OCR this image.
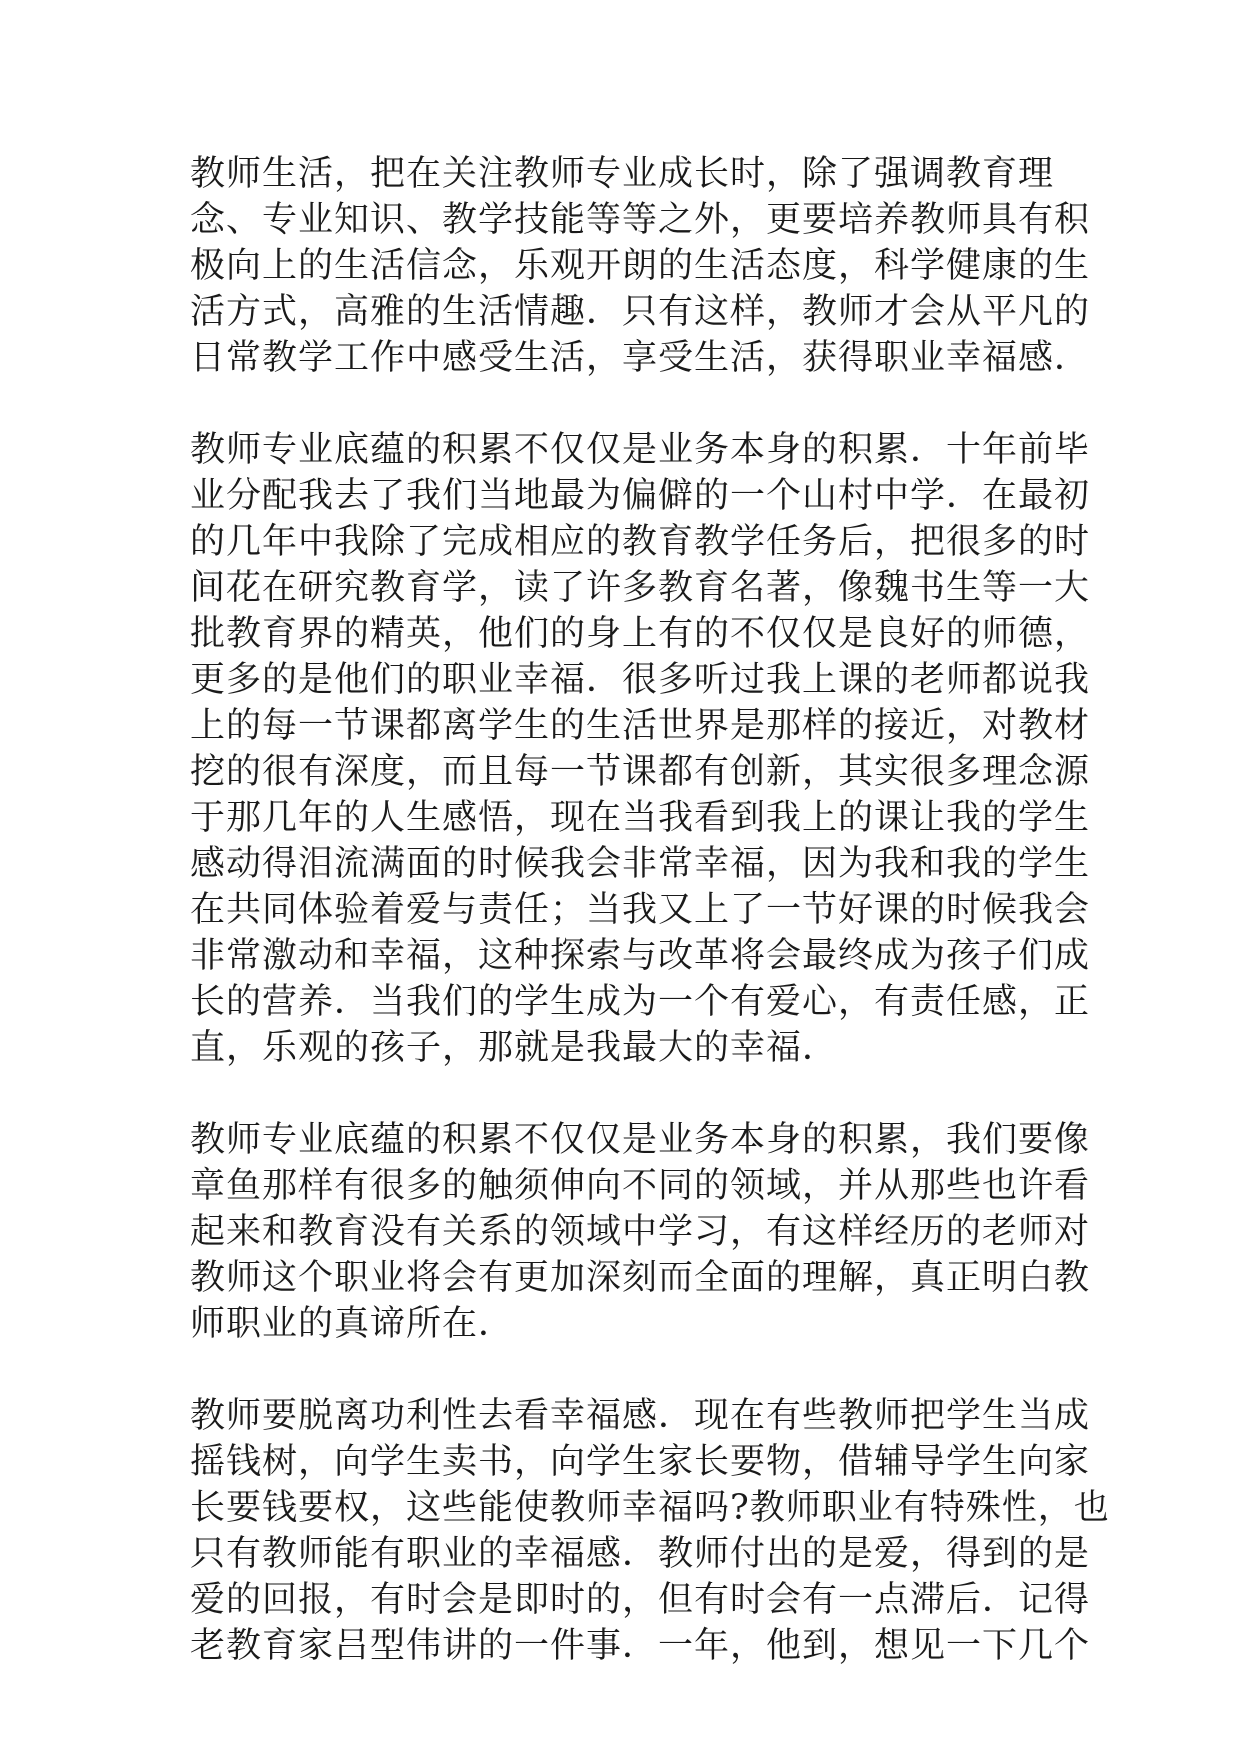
教师生活，把在关注教师专业成长时，除了强调教育理
念、专业知识、教学技能等等之外，更要培养教师具有积
极向上的生活信念，乐观开朗的生活态度，科学健康的生
活方式，高雅的生活情趣．只有这样，教师才会从平凡的
日常教学工作中感受生活，享受生活，获得职业幸福感．

教师专业底蕴的积累不仅仅是业务本身的积累．十年前毕
业分配我去了我们当地最为偏僻的一个山村中学．在最初
的几年中我除了完成相应的教育教学任务后，把很多的时
间花在研究教育学，读了许多教育名著，像魏书生等一大
批教育界的精英，他们的身上有的不仅仅是良好的师德，
更多的是他们的职业幸福．很多听过我上课的老师都说我
上的每一节课都离学生的生活世界是那样的接近，对教材
挖的很有深度，而且每一节课都有创新，其实很多理念源
于那几年的人生感悟，现在当我看到我上的课让我的学生
感动得泪流满面的时候我会非常幸福，因为我和我的学生
在共同体验着爱与责任；当我又上了一节好课的时候我会
非常激动和幸福，这种探索与改革将会最终成为孩子们成
长的营养．当我们的学生成为一个有爱心，有责任感，正
直，乐观的孩子，那就是我最大的幸福．

教师专业底蕴的积累不仅仅是业务本身的积累，我们要像
章鱼那样有很多的触须伸向不同的领域，并从那些也许看
起来和教育没有关系的领域中学习，有这样经历的老师对
教师这个职业将会有更加深刻而全面的理解，真正明白教
师职业的真谛所在．

教师要脱离功利性去看幸福感．现在有些教师把学生当成
摇钱树，向学生卖书，向学生家长要物，借辅导学生向家
长要钱要权，这些能使教师幸福吗?教师职业有特殊性，也
只有教师能有职业的幸福感．教师付出的是爱，得到的是
爱的回报，有时会是即时的，但有时会有一点滞后．记得
老教育家吕型伟讲的一件事．一年，他到，想见一下几个
